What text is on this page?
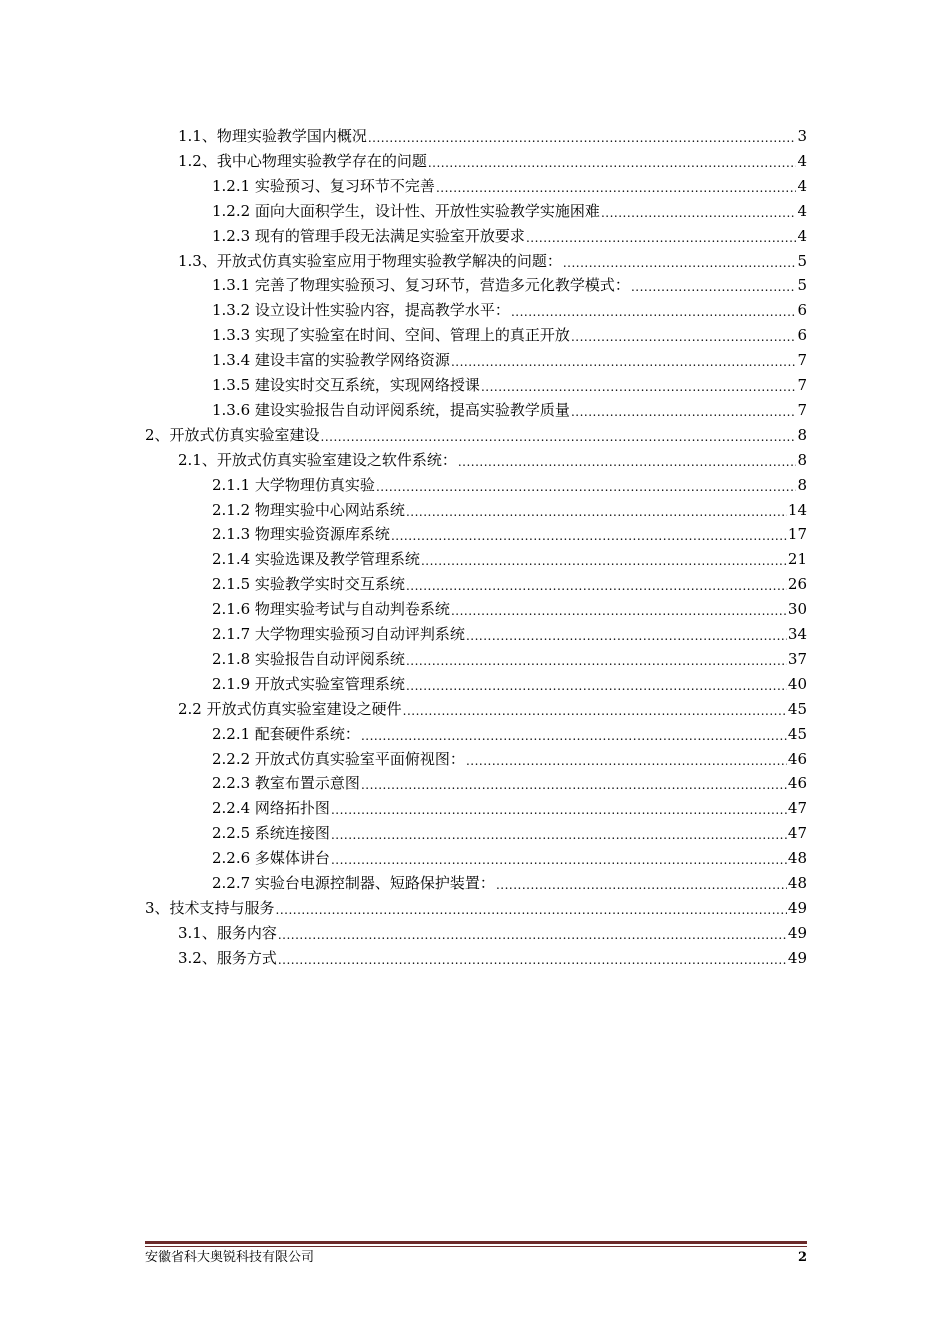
1.1、物理实验教学国内概况 .....	3
1.2、我中心物理实验教学存在的问题 .....	4
1.2.1 实验预习、复习环节不完善 .....	4
1.2.2 面向大面积学生，设计性、开放性实验教学实施困难 .....	4
1.2.3 现有的管理手段无法满足实验室开放要求 .....	4
1.3、开放式仿真实验室应用于物理实验教学解决的问题： .....	5
1.3.1 完善了物理实验预习、复习环节，营造多元化教学模式： .....	5
1.3.2 设立设计性实验内容，提高教学水平： .....	6
1.3.3 实现了实验室在时间、空间、管理上的真正开放 .....	6
1.3.4 建设丰富的实验教学网络资源 .....	7
1.3.5 建设实时交互系统，实现网络授课 .....	7
1.3.6 建设实验报告自动评阅系统，提高实验教学质量 .....	7
2、开放式仿真实验室建设 .....	8
2.1、开放式仿真实验室建设之软件系统： .....	8
2.1.1 大学物理仿真实验 .....	8
2.1.2 物理实验中心网站系统 .....	14
2.1.3 物理实验资源库系统 .....	17
2.1.4 实验选课及教学管理系统 .....	21
2.1.5 实验教学实时交互系统 .....	26
2.1.6 物理实验考试与自动判卷系统 .....	30
2.1.7 大学物理实验预习自动评判系统 .....	34
2.1.8 实验报告自动评阅系统 .....	37
2.1.9 开放式实验室管理系统 .....	40
2.2 开放式仿真实验室建设之硬件 .....	45
2.2.1 配套硬件系统： .....	45
2.2.2 开放式仿真实验室平面俯视图： .....	46
2.2.3 教室布置示意图 .....	46
2.2.4 网络拓扑图 .....	47
2.2.5 系统连接图 .....	47
2.2.6 多媒体讲台 .....	48
2.2.7 实验台电源控制器、短路保护装置： .....	48
3、技术支持与服务 .....	49
3.1、服务内容 .....	49
3.2、服务方式 .....	49
安徽省科大奥锐科技有限公司	2
